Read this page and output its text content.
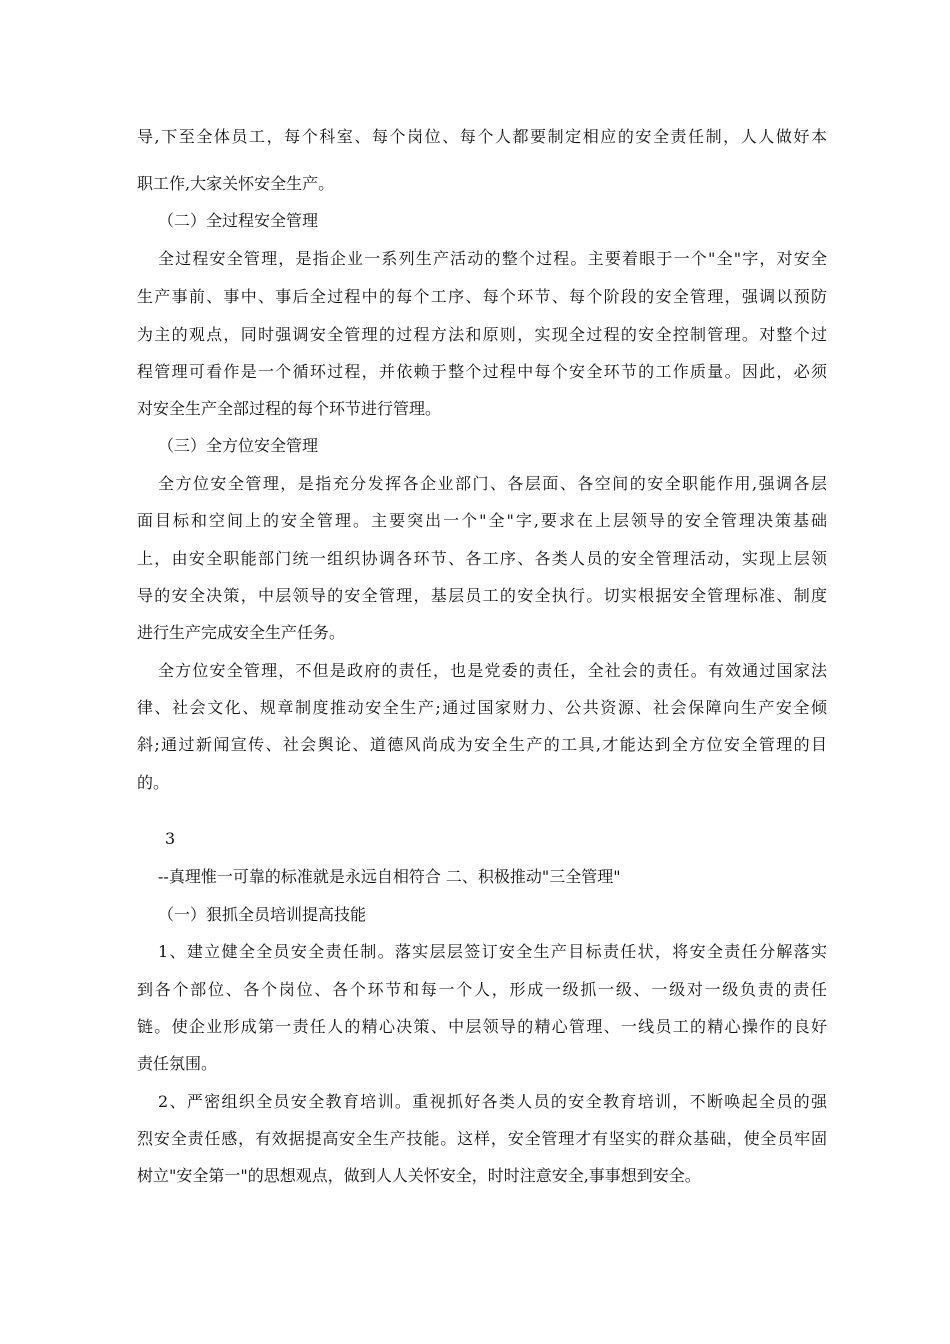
导,下至全体员工，每个科室、每个岗位、每个人都要制定相应的安全责任制，人人做好本
职工作,大家关怀安全生产。
（二）全过程安全管理
全过程安全管理，是指企业一系列生产活动的整个过程。主要着眼于一个"全"字，对安全
生产事前、事中、事后全过程中的每个工序、每个环节、每个阶段的安全管理，强调以预防
为主的观点，同时强调安全管理的过程方法和原则，实现全过程的安全控制管理。对整个过
程管理可看作是一个循环过程，并依赖于整个过程中每个安全环节的工作质量。因此，必须
对安全生产全部过程的每个环节进行管理。
（三）全方位安全管理
全方位安全管理，是指充分发挥各企业部门、各层面、各空间的安全职能作用,强调各层
面目标和空间上的安全管理。主要突出一个"全"字,要求在上层领导的安全管理决策基础
上，由安全职能部门统一组织协调各环节、各工序、各类人员的安全管理活动，实现上层领
导的安全决策，中层领导的安全管理，基层员工的安全执行。切实根据安全管理标准、制度
进行生产完成安全生产任务。
全方位安全管理，不但是政府的责任，也是党委的责任，全社会的责任。有效通过国家法
律、社会文化、规章制度推动安全生产;通过国家财力、公共资源、社会保障向生产安全倾
斜;通过新闻宣传、社会舆论、道德风尚成为安全生产的工具,才能达到全方位安全管理的目
的。
3
--真理惟一可靠的标准就是永远自相符合 二、积极推动"三全管理"
（一）狠抓全员培训提高技能
1、建立健全全员安全责任制。落实层层签订安全生产目标责任状，将安全责任分解落实
到各个部位、各个岗位、各个环节和每一个人，形成一级抓一级、一级对一级负责的责任
链。使企业形成第一责任人的精心决策、中层领导的精心管理、一线员工的精心操作的良好
责任氛围。
2、严密组织全员安全教育培训。重视抓好各类人员的安全教育培训，不断唤起全员的强
烈安全责任感，有效据提高安全生产技能。这样，安全管理才有坚实的群众基础，使全员牢固
树立"安全第一"的思想观点，做到人人关怀安全，时时注意安全,事事想到安全。
